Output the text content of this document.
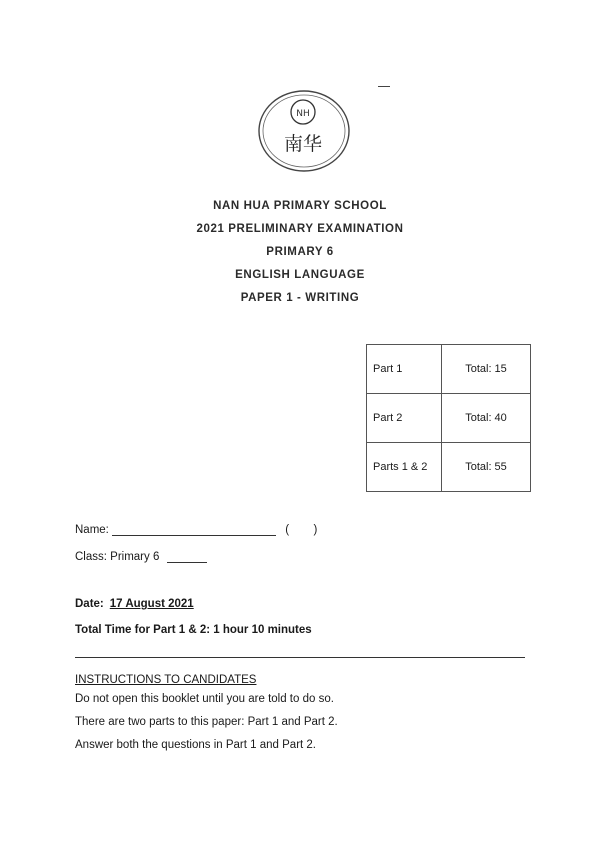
NH
南华
NAN HUA PRIMARY SCHOOL
2021 PRELIMINARY EXAMINATION
PRIMARY 6
ENGLISH LANGUAGE
PAPER 1 - WRITING
Part 1	Total: 15
Part 2	Total: 40
Parts 1 & 2	Total: 55
Name:	( )
Class: Primary 6
Date: 17 August 2021
Total Time for Part 1 & 2: 1 hour 10 minutes
INSTRUCTIONS TO CANDIDATES
Do not open this booklet until you are told to do so.
There are two parts to this paper: Part 1 and Part 2.
Answer both the questions in Part 1 and Part 2.
